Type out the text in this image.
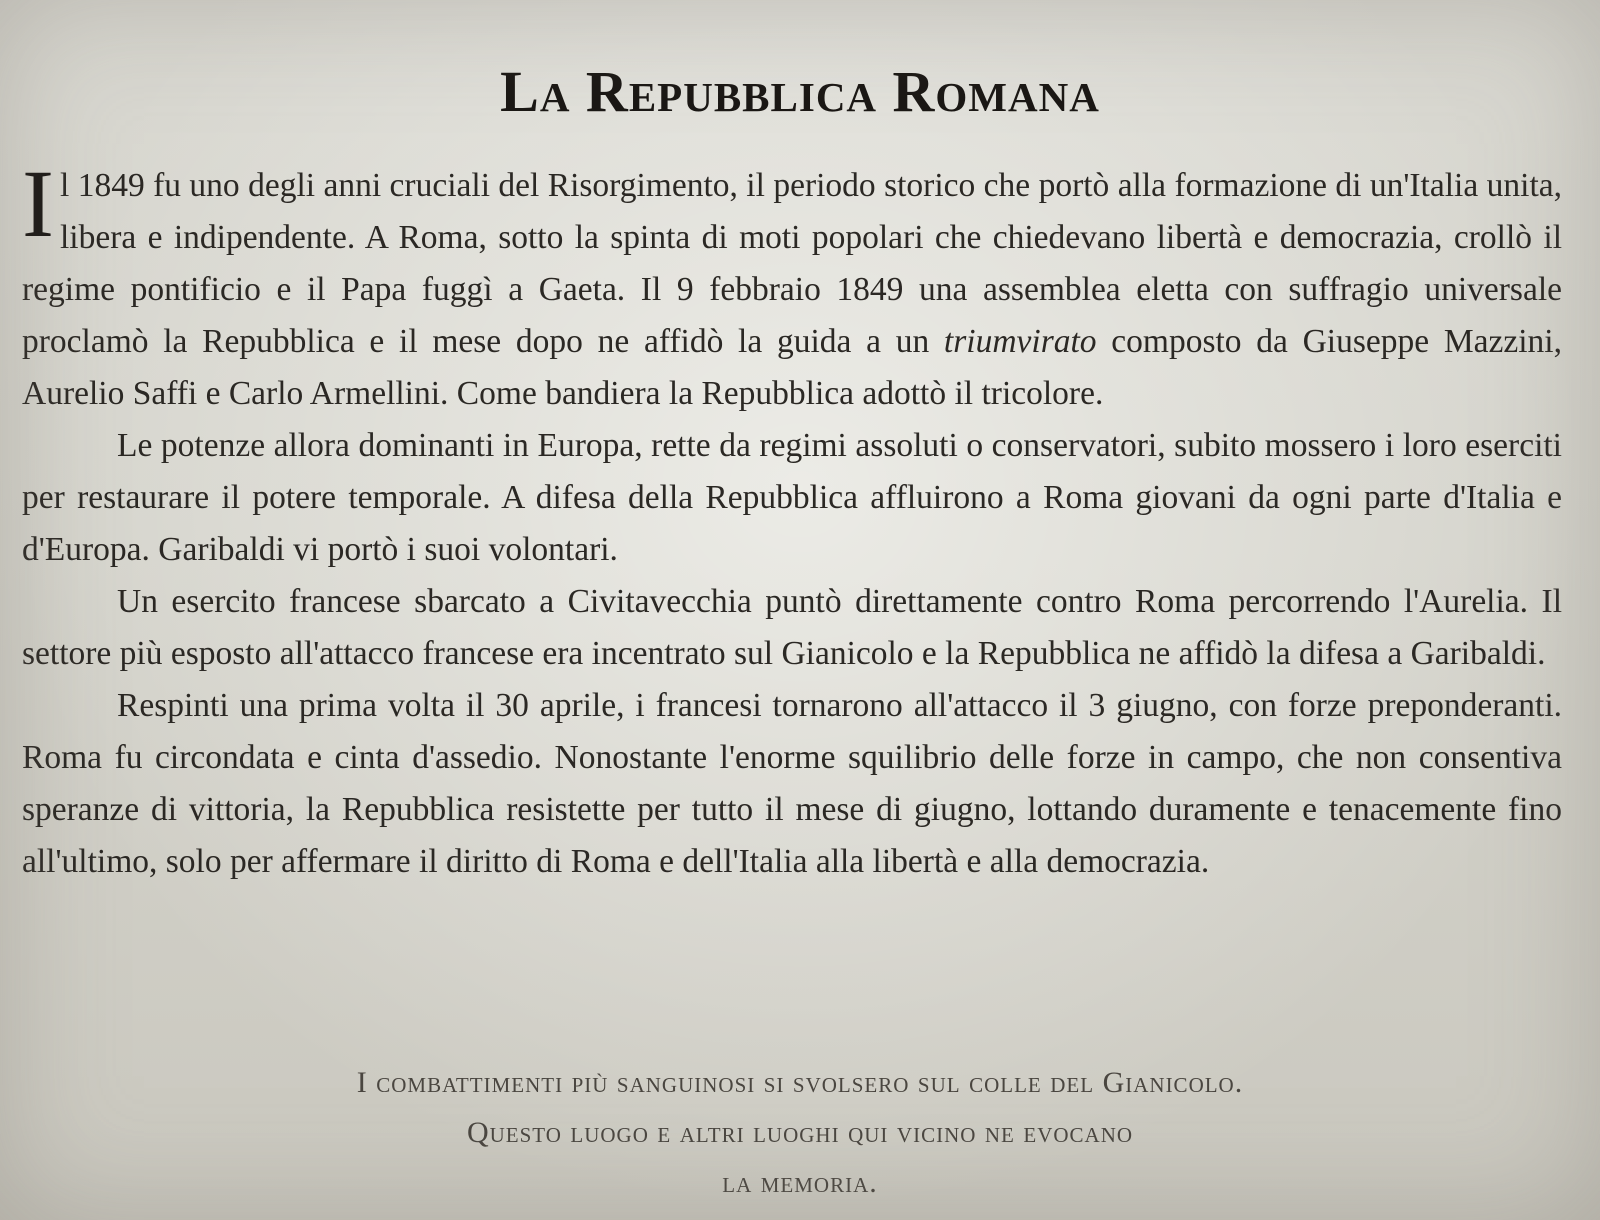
La Repubblica Romana

Il 1849 fu uno degli anni cruciali del Risorgimento, il periodo storico che portò alla formazione di un'Italia unita, libera e indipendente. A Roma, sotto la spinta di moti popolari che chiedevano libertà e democrazia, crollò il regime pontificio e il Papa fuggì a Gaeta. Il 9 febbraio 1849 una assemblea eletta con suffragio universale proclamò la Repubblica e il mese dopo ne affidò la guida a un triumvirato composto da Giuseppe Mazzini, Aurelio Saffi e Carlo Armellini. Come bandiera la Repubblica adottò il tricolore.

Le potenze allora dominanti in Europa, rette da regimi assoluti o conservatori, subito mossero i loro eserciti per restaurare il potere temporale. A difesa della Repubblica affluirono a Roma giovani da ogni parte d'Italia e d'Europa. Garibaldi vi portò i suoi volontari.

Un esercito francese sbarcato a Civitavecchia puntò direttamente contro Roma percorrendo l'Aurelia. Il settore più esposto all'attacco francese era incentrato sul Gianicolo e la Repubblica ne affidò la difesa a Garibaldi.

Respinti una prima volta il 30 aprile, i francesi tornarono all'attacco il 3 giugno, con forze preponderanti. Roma fu circondata e cinta d'assedio. Nonostante l'enorme squilibrio delle forze in campo, che non consentiva speranze di vittoria, la Repubblica resistette per tutto il mese di giugno, lottando duramente e tenacemente fino all'ultimo, solo per affermare il diritto di Roma e dell'Italia alla libertà e alla democrazia.

I combattimenti più sanguinosi si svolsero sul colle del Gianicolo.
Questo luogo e altri luoghi qui vicino ne evocano
la memoria.
